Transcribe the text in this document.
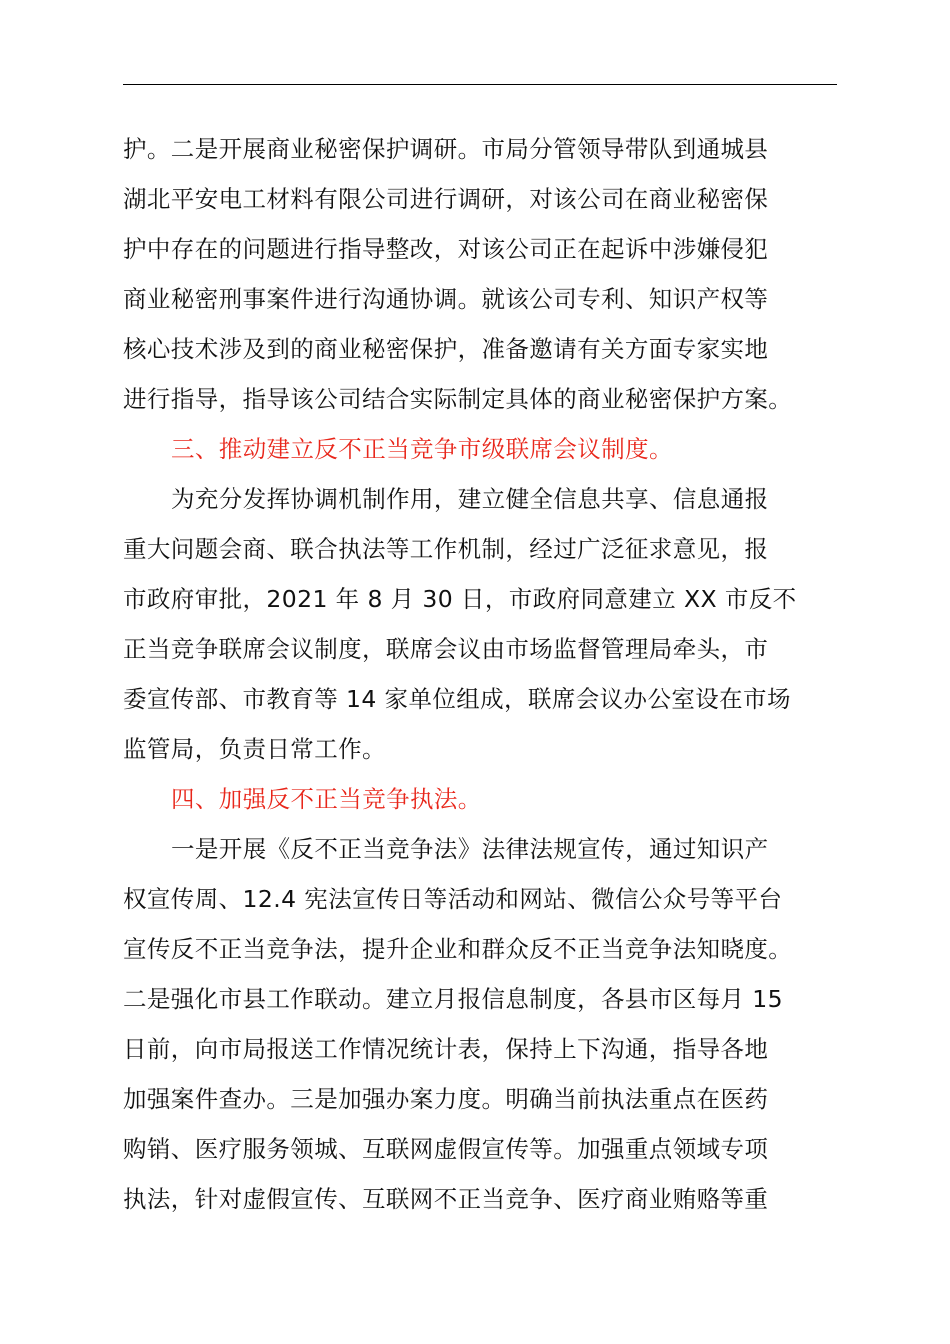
护。二是开展商业秘密保护调研。市局分管领导带队到通城县
湖北平安电工材料有限公司进行调研，对该公司在商业秘密保
护中存在的问题进行指导整改，对该公司正在起诉中涉嫌侵犯
商业秘密刑事案件进行沟通协调。就该公司专利、知识产权等
核心技术涉及到的商业秘密保护，准备邀请有关方面专家实地
进行指导，指导该公司结合实际制定具体的商业秘密保护方案。
三、推动建立反不正当竞争市级联席会议制度。
为充分发挥协调机制作用，建立健全信息共享、信息通报
重大问题会商、联合执法等工作机制，经过广泛征求意见，报
市政府审批，2021 年 8 月 30 日，市政府同意建立 XX 市反不
正当竞争联席会议制度，联席会议由市场监督管理局牵头，市
委宣传部、市教育等 14 家单位组成，联席会议办公室设在市场
监管局，负责日常工作。
四、加强反不正当竞争执法。
一是开展《反不正当竞争法》法律法规宣传，通过知识产
权宣传周、12.4 宪法宣传日等活动和网站、微信公众号等平台
宣传反不正当竞争法，提升企业和群众反不正当竞争法知晓度。
二是强化市县工作联动。建立月报信息制度，各县市区每月 15
日前，向市局报送工作情况统计表，保持上下沟通，指导各地
加强案件查办。三是加强办案力度。明确当前执法重点在医药
购销、医疗服务领城、互联网虚假宣传等。加强重点领域专项
执法，针对虚假宣传、互联网不正当竞争、医疗商业贿赂等重
